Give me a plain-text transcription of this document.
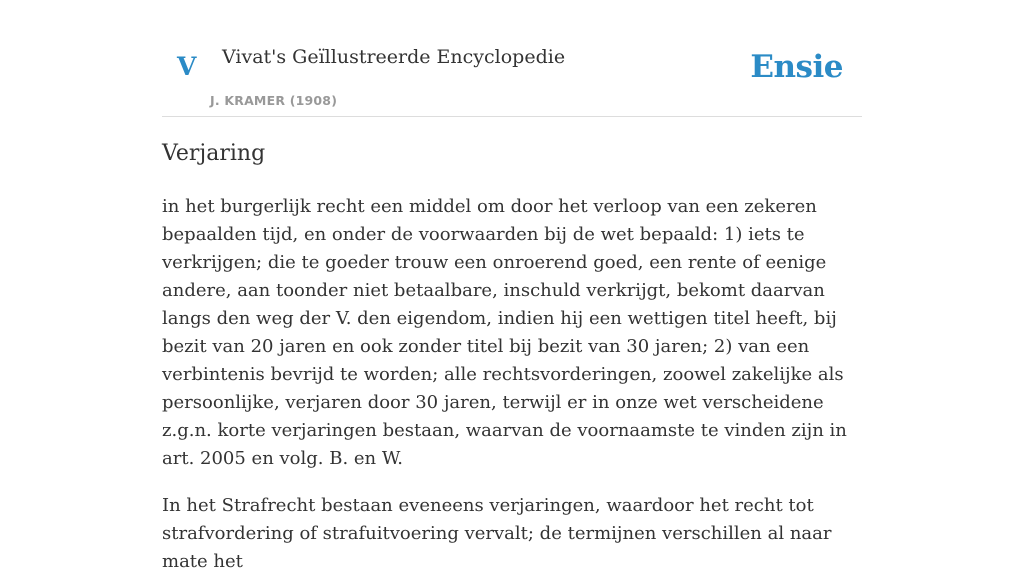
V Vivat's Geïllustreerde Encyclopedie
J. KRAMER (1908)
Ensie
Verjaring

in het burgerlijk recht een middel om door het verloop van een zekeren bepaalden tijd, en onder de voorwaarden bij de wet bepaald: 1) iets te verkrijgen; die te goeder trouw een onroerend goed, een rente of eenige andere, aan toonder niet betaalbare, inschuld verkrijgt, bekomt daarvan langs den weg der V. den eigendom, indien hij een wettigen titel heeft, bij bezit van 20 jaren en ook zonder titel bij bezit van 30 jaren; 2) van een verbintenis bevrijd te worden; alle rechtsvorderingen, zoowel zakelijke als persoonlijke, verjaren door 30 jaren, terwijl er in onze wet verscheidene z.g.n. korte verjaringen bestaan, waarvan de voornaamste te vinden zijn in art. 2005 en volg. B. en W.

In het Strafrecht bestaan eveneens verjaringen, waardoor het recht tot strafvordering of strafuitvoering vervalt; de termijnen verschillen al naar mate het
